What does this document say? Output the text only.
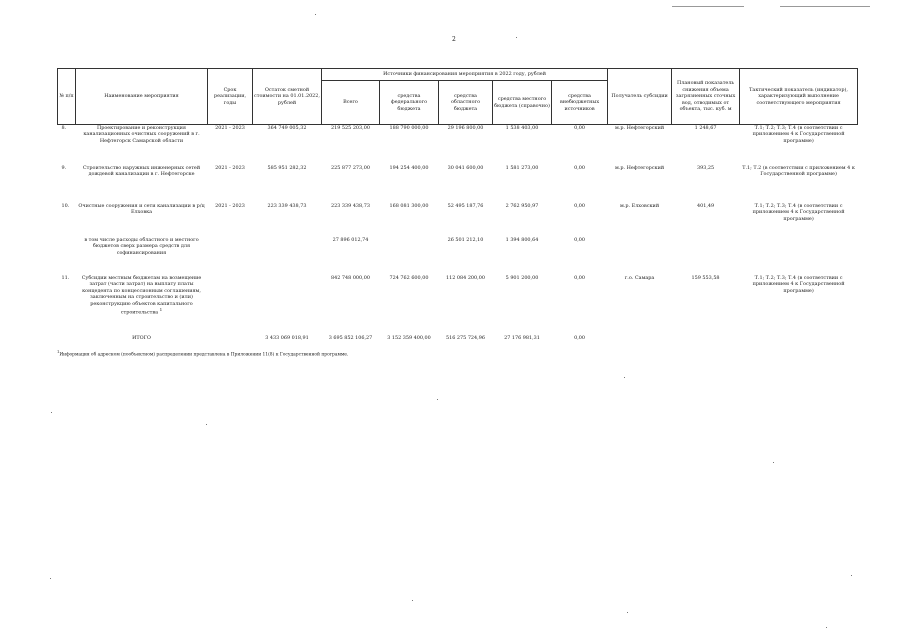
2
№ п/п	Наименование мероприятия	Срок реализации, годы	Остаток сметной стоимости на 01.01.2022, рублей	Источники финансирования мероприятия в 2022 году, рублей					Получатель субсидии	Плановый показатель снижения объема загрязненных сточных вод, отводимых от объекта, тыс. куб. м	Тактический показатель (индикатор), характеризующий выполнение соответствующего мероприятия
				Всего	средства федерального бюджета	средства областного бюджета	средства местного бюджета (справочно)	средства внебюджетных источников			
8.	Проектирование и реконструкция канализационных очистных сооружений в г. Нефтегорск Самарской области	2021 - 2023	364 749 005,32	219 525 203,00	188 790 000,00	29 196 800,00	1 538 403,00	0,00	м.р. Нефтегорский	1 248,67	Т.1; Т.2; Т.3; Т.4 (в соответствии с приложением 4 к Государственной программе)
9.	Строительство наружных инженерных сетей дождевой канализации в г. Нефтегорске	2021 - 2023	585 951 282,32	225 877 273,00	194 254 400,00	30 041 600,00	1 581 273,00	0,00	м.р. Нефтегорский	393,25	Т.1; Т.2 (в соответствии с приложением 4 к Государственной программе)
10.	Очистные сооружения и сети канализации в р/ц Елховка	2021 - 2023	223 339 438,73	223 339 438,73	168 081 300,00	52 495 187,76	2 762 950,97	0,00	м.р. Елховский	401,49	Т.1; Т.2; Т.3; Т.4 (в соответствии с приложением 4 к Государственной программе)
	в том числе расходы областного и местного бюджетов сверх размера средств для софинансирования			27 896 012,74		26 501 212,10	1 394 800,64	0,00			
11.	Субсидии местным бюджетам на возмещение затрат (части затрат) на выплату платы концедента по концессионным соглашениям, заключенным на строительство и (или) реконструкцию объектов капитального строительства $^1$			842 748 000,00	724 762 600,00	112 084 200,00	5 901 200,00	0,00	г.о. Самара	159 553,58	Т.1; Т.2; Т.3; Т.4 (в соответствии с приложением 4 к Государственной программе)
	ИТОГО		3 433 069 018,91	3 695 852 106,27	3 152 359 400,00	516 275 724,96	27 176 981,31	0,00			
$^1$Информация об адресном (пообъектном) распределении представлена в Приложении 11(8) к Государственной программе.
